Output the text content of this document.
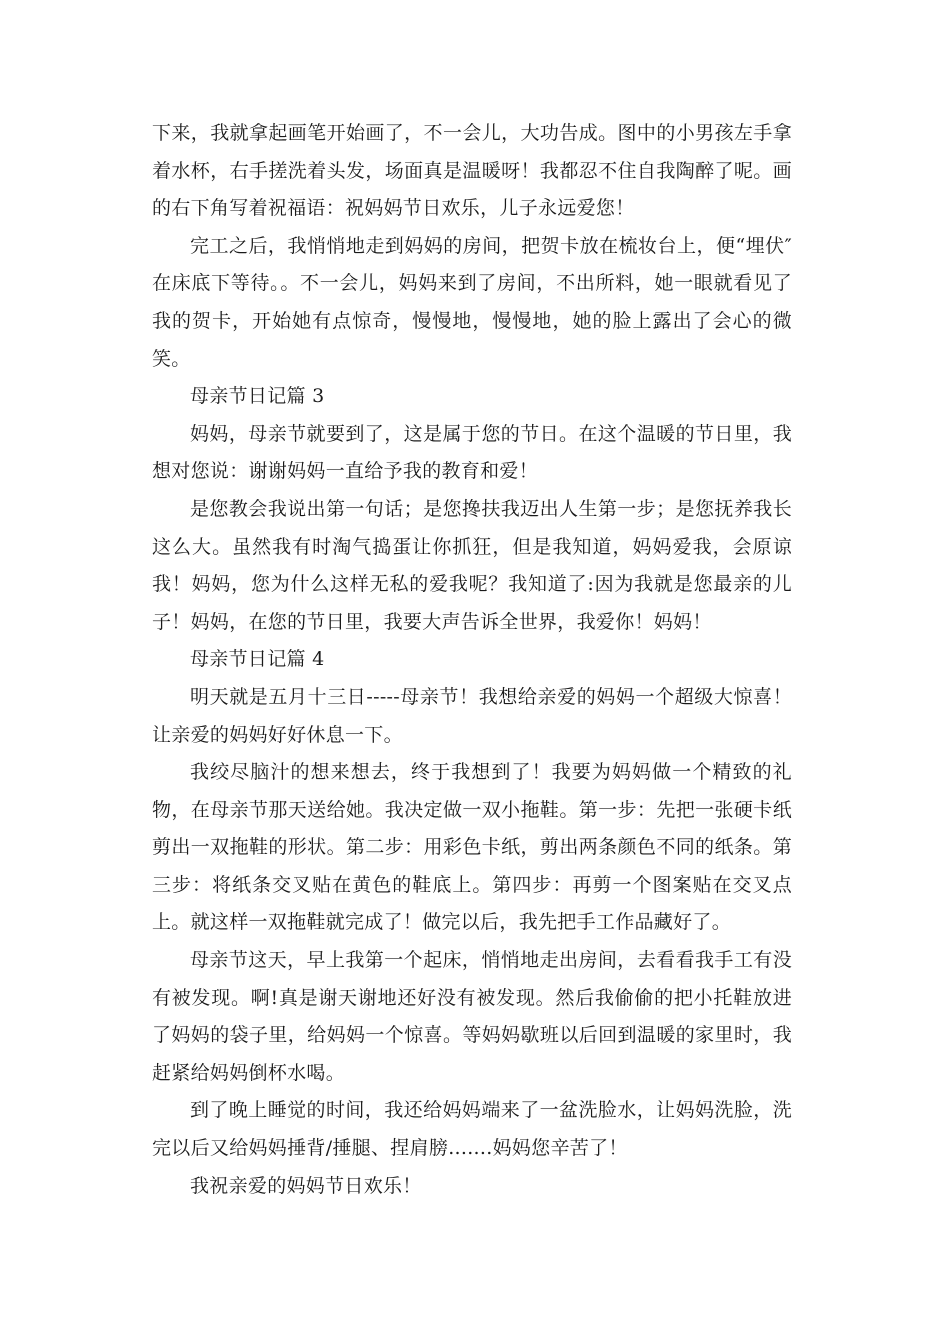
下来，我就拿起画笔开始画了，不一会儿，大功告成。图中的小男孩左手拿着水杯，右手搓洗着头发，场面真是温暖呀！我都忍不住自我陶醉了呢。画的右下角写着祝福语：祝妈妈节日欢乐，儿子永远爱您！

完工之后，我悄悄地走到妈妈的房间，把贺卡放在梳妆台上，便“埋伏″在床底下等待。。不一会儿，妈妈来到了房间，不出所料，她一眼就看见了我的贺卡，开始她有点惊奇，慢慢地，慢慢地，她的脸上露出了会心的微笑。

母亲节日记篇 3

妈妈，母亲节就要到了，这是属于您的节日。在这个温暖的节日里，我想对您说：谢谢妈妈一直给予我的教育和爱！

是您教会我说出第一句话；是您搀扶我迈出人生第一步；是您抚养我长这么大。虽然我有时淘气捣蛋让你抓狂，但是我知道，妈妈爱我，会原谅我！妈妈，您为什么这样无私的爱我呢？我知道了:因为我就是您最亲的儿子！妈妈，在您的节日里，我要大声告诉全世界，我爱你！妈妈！

母亲节日记篇 4

明天就是五月十三日-----母亲节！我想给亲爱的妈妈一个超级大惊喜！让亲爱的妈妈好好休息一下。

我绞尽脑汁的想来想去，终于我想到了！我要为妈妈做一个精致的礼物，在母亲节那天送给她。我决定做一双小拖鞋。第一步：先把一张硬卡纸剪出一双拖鞋的形状。第二步：用彩色卡纸，剪出两条颜色不同的纸条。第三步：将纸条交叉贴在黄色的鞋底上。第四步：再剪一个图案贴在交叉点上。就这样一双拖鞋就完成了！做完以后，我先把手工作品藏好了。

母亲节这天，早上我第一个起床，悄悄地走出房间，去看看我手工有没有被发现。啊!真是谢天谢地还好没有被发现。然后我偷偷的把小托鞋放进了妈妈的袋子里，给妈妈一个惊喜。等妈妈歇班以后回到温暖的家里时，我赶紧给妈妈倒杯水喝。

到了晚上睡觉的时间，我还给妈妈端来了一盆洗脸水，让妈妈洗脸，洗完以后又给妈妈捶背/捶腿、捏肩膀.......妈妈您辛苦了！

我祝亲爱的妈妈节日欢乐！
